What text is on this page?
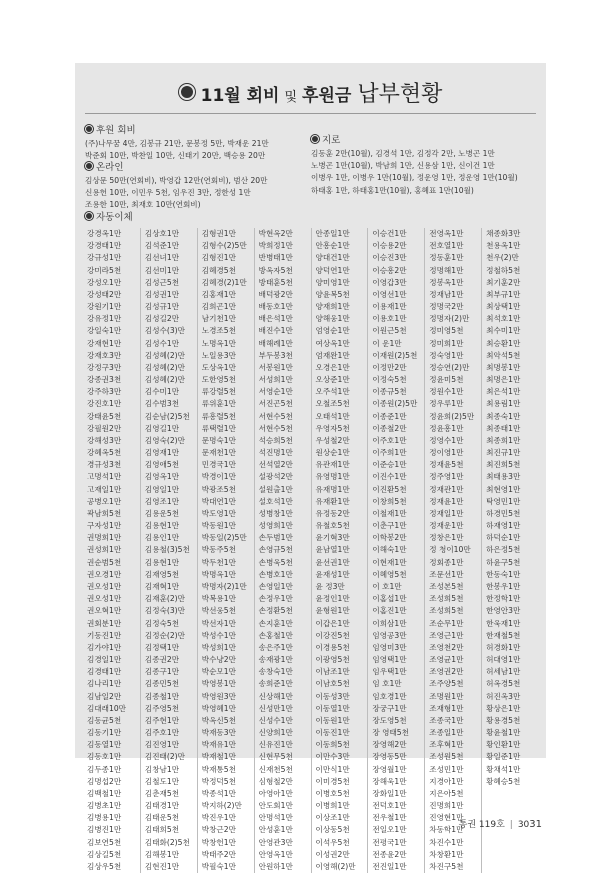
11월 회비 및 후원금 납부현황
후원 회비

(주)나무꿈 4만, 김봉규 21만, 문봉정 5만, 박재운 21만

박준회 10만, 박찬일 10만, 신태기 20만, 백승용 20만

온라인

김상문 50만(연회비), 박영갑 12만(연회비), 범산 20만

신용헌 10만, 이민우 5천, 임우진 3만, 정한성 1만

조용한 10만, 최재호 10만(연회비)

지로

김동훈 2만(10월), 김경석 1만, 김정각 2만, 노병곤 1만

노병곤 1만(10월), 박남희 1만, 신용삼 1만, 신이건 1만

이병우 1만, 이병우 1만(10월), 정운영 1만, 정운영 1만(10월)

하태홍 1만, 하태홍1만(10월), 홍혜표 1만(10월)

자동이체
강경옥1만
강경태1만
강규성1만
강미라5천
강성오1만
강성태2만
강원기1만
강유정1만
강일숙1만
강재현1만
강재호3만
강정구3만
강종권3천
강주하3만
강진호1만
강태윤5천
강필원2만
강해성3만
강혜옥5천
경규성3천
고명석1만
고재일1만
공병오1만
곽남희5천
구자성1만
권명희1만
권성희1만
권순범5천
권오경1만
권오성1만
권오성1만
권오혁1만
권회분1만
기동진1만
김가야1만
김경일1만
김경태1만
김나리1만
김남일2만
김대래10만
김동균5천
김동기1만
김동열1만
김동호1만
김두종1만
김명섭2만
김백철1만
김병초1만
김병용1만
김병진1만
김보연5천
김상길5천
김상우5천
김상호1만
김석준1만
김선녀1만
김선미1만
김성근5천
김성권1만
김성규1만
김성길2만
김성수(3)만
김성수1만
김성혜(2)만
김성혜(2)만
김성혜(2)만
김수미1만
김수범3천
김순남(2)5천
김영길1만
김영숙(2)만
김영재1만
김영애5천
김영옥1만
김영일1만
김영조1만
김용운5천
김용현1만
김용인1만
김용철(3)5천
김용현1만
김재영5천
김재혁1만
김재훈(2)만
김정숙(3)만
김정숙5천
김정순(2)만
김정택1만
김종권2만
김종구1만
김종민5천
김종철1만
김주영5천
김주현1만
김주호1만
김진영1만
김진태(2)만
김창남1만
김철도1만
김춘재5천
김태경1만
김태운5천
김태희5천
김태화(2)5천
김해봉1만
김현진1만
김형권1만
김형수(2)5만
김형진1만
김혜경5천
김혜경(2)1만
김홍재1만
김희곤1만
남기천1만
노경조5천
노명옥1만
노일용3만
도상옥1만
도한영5천
류강렬5천
류위훈1만
류흥렬5천
류택렬1만
문명숙1만
문재천1만
민경국1만
박경이1만
박광조5천
박대연1만
박도영1만
박동원1만
박동일(2)5만
박동주5천
박두천1만
박명옥1만
박명자(2)1만
박복용1만
박선웅5천
박선자1만
박성수1만
박성희1만
박수냥2만
박순모1만
박영봉1만
박영원3만
박영혜1만
박옥신5천
박재동3만
박재유1만
박재철1만
박재통5천
박정덕5천
박종석1만
박지하(2)만
박진우1만
박창근2만
박창헌1만
박태주2만
박필숙1만
박현옥2만
박희정1만
반병태1만
방옥자5천
방태훈5천
배덕광2만
배동호1만
배은석1만
배진수1만
배해례1만
부두봉3천
서봉원1만
서성희1만
서영순1만
서진곤5천
서현수5천
서현수5천
석승희5천
석진명1만
선석열2만
설광석2만
설원출1만
설호석1만
성병창1만
성영희1만
손두범1만
손영규5천
손병욱5천
손병호1만
손영일1만
손정우1만
손정환5천
손지훈1만
손홍철1만
송은주1만
송재광1만
송창숙1만
송희준1만
신상해1만
신성만1만
신성수1만
신양희1만
신유진1만
신현무5천
신재천5천
심형철2만
아영아1만
안도회1만
안명석1만
안성훈1만
안영관3만
안영옥1만
안원하1만
안종일1만
안흥순1만
양대건1만
양덕연1만
양미영1만
양윤복5천
양재희1만
양해웅1만
엄영순1만
여상옥1만
엄재완1만
오경은1만
오상준1만
오주석1만
오철조5천
오태석1만
우영자5천
우성철2만
원상순1만
유관재1만
유영명1만
유재명1만
유재환1만
유정동2만
유철호5천
윤기혁3만
윤남열1만
윤선권1만
윤재성1만
윤 정3만
윤정인1만
윤형원1만
이갑은1만
이강진5천
이경용5천
이광영5천
이남조1만
이남호5천
이동성3만
이동열1만
이동원1만
이동진1만
이동희5천
이만수3만
이만식1만
이미경5천
이병호5천
이병희1만
이상조1만
이상동5천
이석우5천
이성권2만
이영해(2)만
이승건1만
이승용2만
이승진3만
이승흥2만
이영갑3만
이영선1만
이용재1만
이용호1만
이원근5천
이 운1만
이재원(2)5천
이정만2만
이정숙5천
이종규5천
이종원(2)5만
이종준1만
이종철2만
이주호1만
이주희1만
이준승1만
이진수1만
이진환5천
이창희5천
이철재1만
이춘구1만
이학봉2만
이해숙1만
이현재1만
이혜영5천
이 호1만
이홈섭1만
이홈진1만
이희삼1만
임영공3만
임영미3만
임영택1만
임우택1만
임 호1만
임호경1만
장궁구1만
장도영5천
장 영태5천
장영해2만
장영동5만
장영월1만
장해욱1만
장화일1만
전덕호1만
전우철1만
전일오1만
전평국1만
전종윤2만
전진일1만
전영옥1만
전호열1만
정동훈1만
정명해1만
정봉옥1만
정재남1만
정명국2만
정명자(2)만
정미영5천
정미희1만
정숙영1만
정승연(2)만
정윤미5천
정원수1만
정우루1만
정윤희(2)5만
정윤흥1만
정영수1만
정이영1만
정재윤5천
정주영1만
정재관1만
정재윤1만
정재일1만
정재운1만
정창은1만
정 청이10만
정회종1만
조문선1만
조성본5천
조성희5천
조성희5천
조순무1만
조영근1만
조영천2만
조영균1만
조영권2만
조주양5천
조명원1만
조재형1만
조종국1만
조종일1만
조후혁1만
조성원5천
조성민1만
지경아1만
지은아5천
진명희1만
진영현1만
차동학1만
차진수1만
차창환1만
차진구5천
채종화3만
천용옥1만
천우(2)만
정철하5천
최기훈2만
최부규1만
최상택1만
최석호1만
최수미1만
최승환1만
최악석5천
최명봉1만
최명은1만
최은석1만
최용림1만
최종숙1만
최종태1만
최종희1만
최진규1만
최진희5천
최태용3만
최현영1만
탁영민1만
하경민5천
하재영1만
하덕순1만
하은정5천
하윤구5천
한동숙1만
한봉우1만
한정학1만
한영안3만
한욱재1만
한재철5천
허경화1만
허대영1만
허세남1만
허옥경5천
허진옥3만
황상은1만
황용경5천
황윤철1만
황인환1만
황일준1만
황채석1만
황혜승5천
통권 119호 | 3031
